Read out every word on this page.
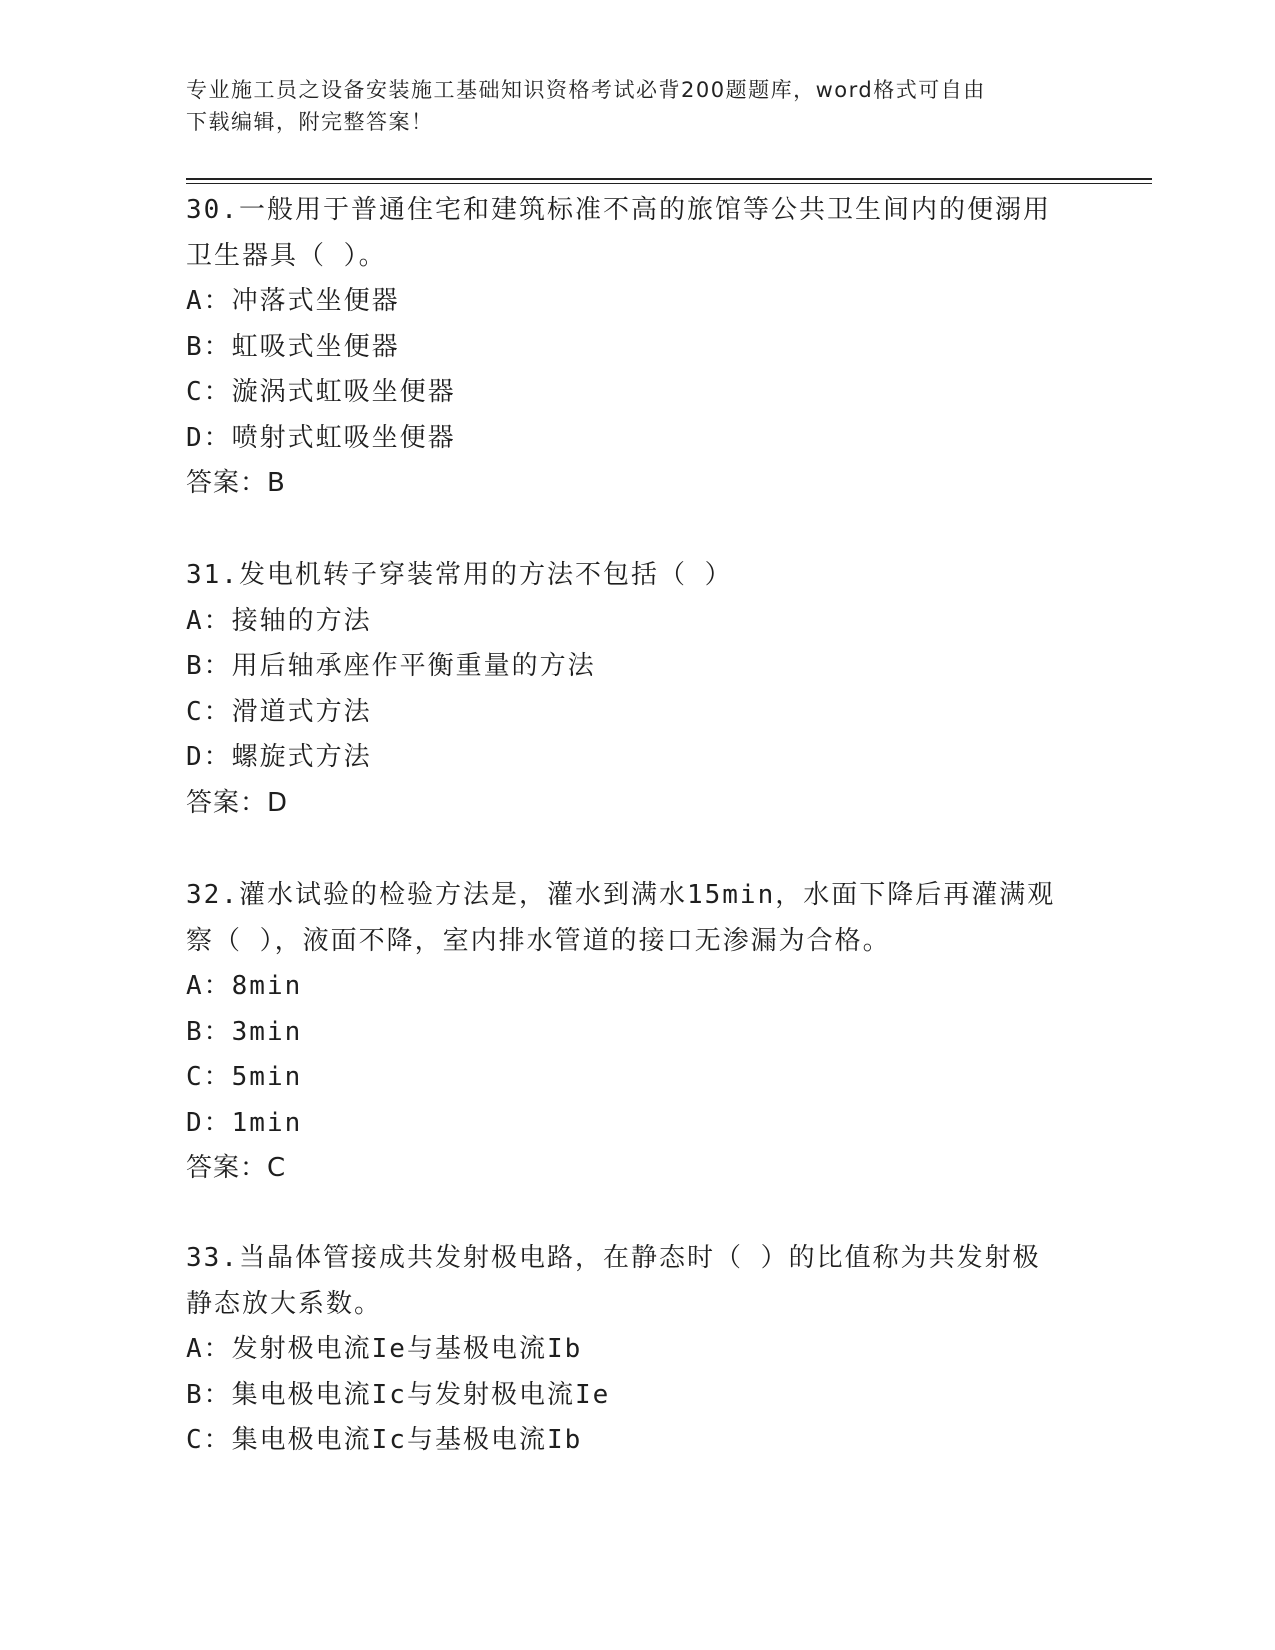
专业施工员之设备安装施工基础知识资格考试必背200题题库，word格式可自由
下载编辑，附完整答案！
30.一般用于普通住宅和建筑标准不高的旅馆等公共卫生间内的便溺用
卫生器具（ ）。
A：冲落式坐便器
B：虹吸式坐便器
C：漩涡式虹吸坐便器
D：喷射式虹吸坐便器
答案：B
31.发电机转子穿装常用的方法不包括（ ）
A：接轴的方法
B：用后轴承座作平衡重量的方法
C：滑道式方法
D：螺旋式方法
答案：D
32.灌水试验的检验方法是，灌水到满水15min，水面下降后再灌满观
察（ ），液面不降，室内排水管道的接口无渗漏为合格。
A：8min
B：3min
C：5min
D：1min
答案：C
33.当晶体管接成共发射极电路，在静态时（ ）的比值称为共发射极
静态放大系数。
A：发射极电流Ie与基极电流Ib
B：集电极电流Ic与发射极电流Ie
C：集电极电流Ic与基极电流Ib
